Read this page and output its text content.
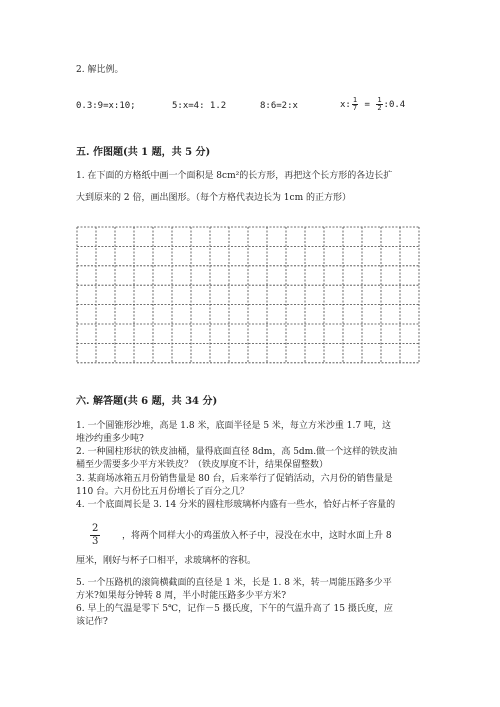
2. 解比例。
0.3:9=x:10;	5:x=4: 1.2	8:6=2:x	x: $\frac{1}{7} = \frac{1}{2}$ :0.4
五. 作图题(共 1 题，共 5 分)
1. 在下面的方格纸中画一个面积是 8cm²的长方形，再把这个长方形的各边长扩
大到原来的 2 倍，画出图形。（每个方格代表边长为 1cm 的正方形）
六. 解答题(共 6 题，共 34 分)
1. 一个圆锥形沙堆，高是 1.8 米，底面半径是 5 米，每立方米沙重 1.7 吨，这
堆沙约重多少吨?
2. 一种圆柱形状的铁皮油桶，量得底面直径 8dm，高 5dm.做一个这样的铁皮油
桶至少需要多少平方米铁皮？（铁皮厚度不计，结果保留整数）
3. 某商场冰箱五月份销售量是 80 台，后来举行了促销活动，六月份的销售量是
110 台。六月份比五月份增长了百分之几？
4. 一个底面周长是 3. 14 分米的圆柱形玻璃杯内盛有一些水，恰好占杯子容量的
$\frac{2}{3}$ ，将两个同样大小的鸡蛋放入杯子中，浸没在水中，这时水面上升 8
厘米，刚好与杯子口相平，求玻璃杯的容积。
5. 一个压路机的滚筒横截面的直径是 1 米，长是 1. 8 米，转一周能压路多少平
方米?如果每分钟转 8 周，半小时能压路多少平方米?
6. 早上的气温是零下 5℃，记作－5 摄氏度，下午的气温升高了 15 摄氏度，应
该记作?
